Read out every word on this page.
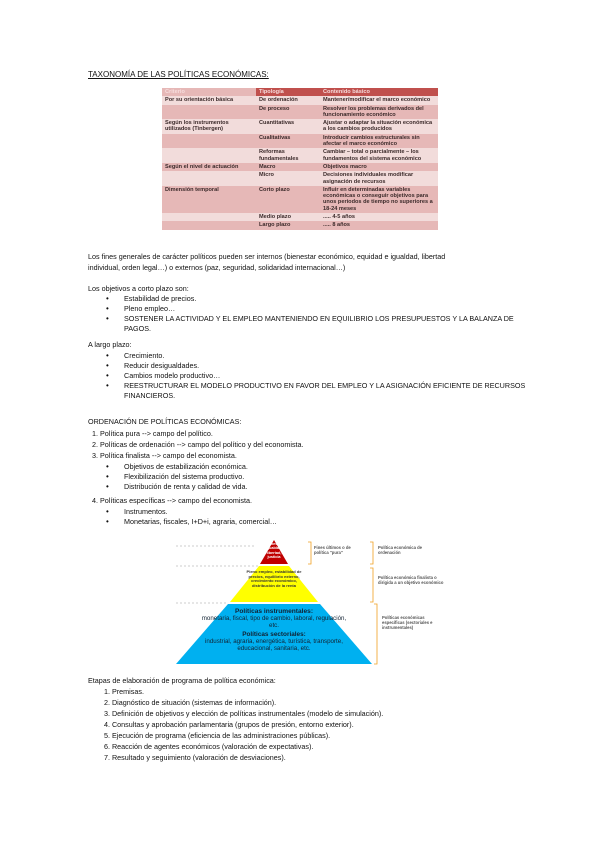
TAXONOMÍA DE LAS POLÍTICAS ECONÓMICAS:
Criterio	Tipología	Contenido básico
Por su orientación básica	De ordenación	Mantener/modificar el marco económico
	De proceso	Resolver los problemas derivados del funcionamiento económico
Según los instrumentos utilizados (Tinbergen)	Cuantitativas	Ajustar o adaptar la situación económica a los cambios producidos
	Cualitativas	Introducir cambios estructurales sin afectar el marco económico
	Reformas fundamentales	Cambiar – total o parcialmente – los fundamentos del sistema económico
Según el nivel de actuación	Macro	Objetivos macro
	Micro	Decisiones individuales modificar asignación de recursos
Dimensión temporal	Corto plazo	Influir en determinadas variables económicas o conseguir objetivos para unos periodos de tiempo no superiores a 18-24 meses
	Medio plazo	..... 4-5 años
	Largo plazo	..... 8 años
Los fines generales de carácter políticos pueden ser internos (bienestar económico, equidad e igualdad, libertad
individual, orden legal…) o externos (paz, seguridad, solidaridad internacional…)
Los objetivos a corto plazo son:
• Estabilidad de precios.
• Pleno empleo…
• SOSTENER LA ACTIVIDAD Y EL EMPLEO MANTENIENDO EN EQUILIBRIO LOS PRESUPUESTOS Y LA BALANZA DE PAGOS.
A largo plazo:
• Crecimiento.
• Reducir desigualdades.
• Cambios modelo productivo…
• REESTRUCTURAR EL MODELO PRODUCTIVO EN FAVOR DEL EMPLEO Y LA ASIGNACIÓN EFICIENTE DE RECURSOS FINANCIEROS.
ORDENACIÓN DE POLÍTICAS ECONÓMICAS:
1. Política pura --> campo del político.
2. Políticas de ordenación --> campo del político y del economista.
3. Política finalista --> campo del economista.
• Objetivos de estabilización económica.
• Flexibilización del sistema productivo.
• Distribución de renta y calidad de vida.
4. Políticas específicas --> campo del economista.
• Instrumentos.
• Monetarias, fiscales, I+D+i, agraria, comercial…
Bienestar, igualdad, libertad, justicia
Pleno empleo, estabilidad de precios, equilibrio externo, crecimiento económico, distribución de la renta
Políticas instrumentales:
monetaria, fiscal, tipo de cambio, laboral, regulación, etc.
Políticas sectoriales:
industrial, agraria, energética, turística, transporte, educacional, sanitaria, etc.
Fines últimos o de política "pura"
Política económica de ordenación
Política económica finalista o dirigida a un objetivo económico
Políticas económicas específicas (sectoriales e instrumentales)
Etapas de elaboración de programa de política económica:
1. Premisas.
2. Diagnóstico de situación (sistemas de información).
3. Definición de objetivos y elección de políticas instrumentales (modelo de simulación).
4. Consultas y aprobación parlamentaria (grupos de presión, entorno exterior).
5. Ejecución de programa (eficiencia de las administraciones públicas).
6. Reacción de agentes económicos (valoración de expectativas).
7. Resultado y seguimiento (valoración de desviaciones).
